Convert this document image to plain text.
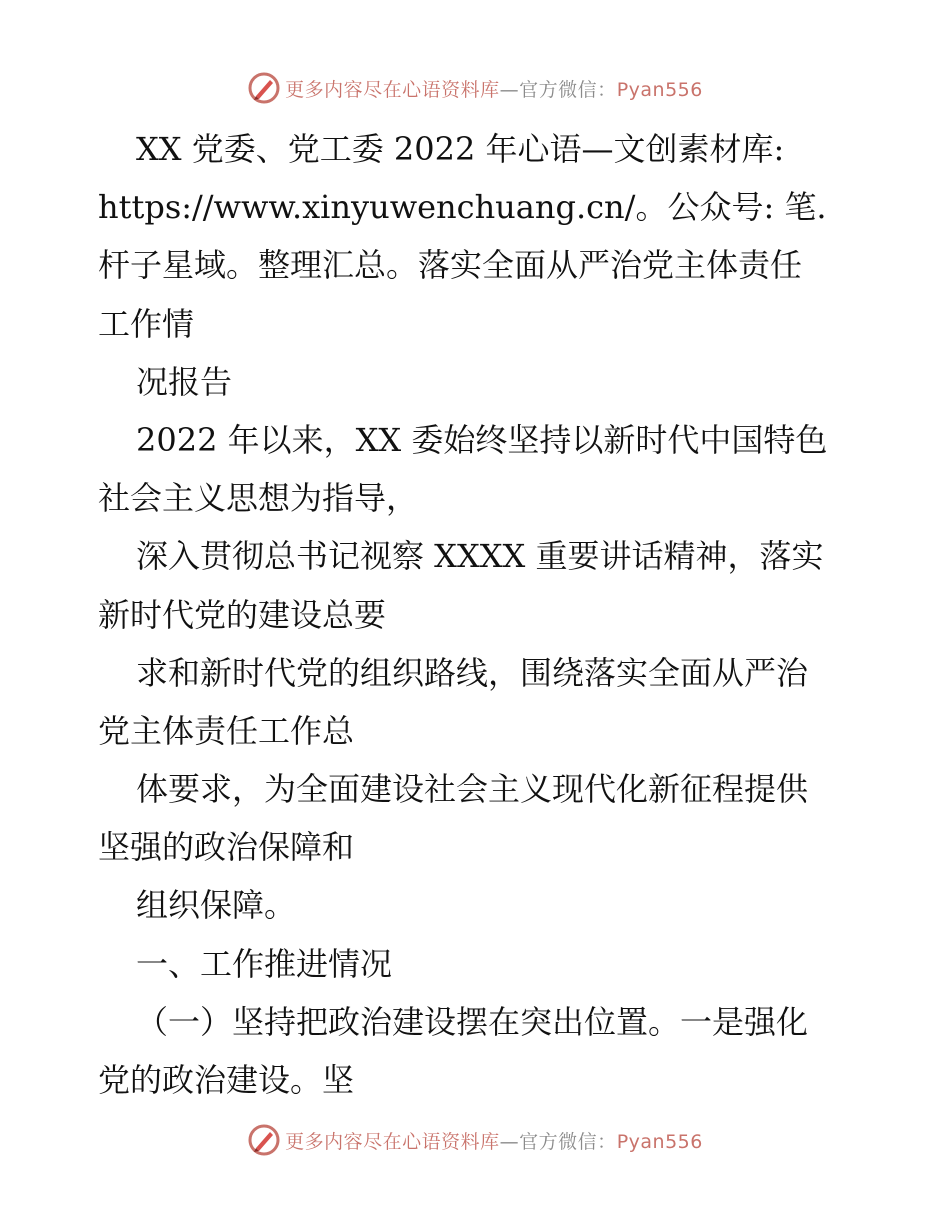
更多内容尽在心语资料库—官方微信：Pyan556
XX 党委、党工委 2022 年心语—文创素材库:
https://www.xinyuwenchuang.cn/。公众号: 笔.
杆子星域。整理汇总。落实全面从严治党主体责任
工作情
况报告
2022 年以来，XX 委始终坚持以新时代中国特色
社会主义思想为指导，
深入贯彻总书记视察 XXXX 重要讲话精神，落实
新时代党的建设总要
求和新时代党的组织路线，围绕落实全面从严治
党主体责任工作总
体要求，为全面建设社会主义现代化新征程提供
坚强的政治保障和
组织保障。
一、工作推进情况
（一）坚持把政治建设摆在突出位置。一是强化
党的政治建设。坚
更多内容尽在心语资料库—官方微信：Pyan556
